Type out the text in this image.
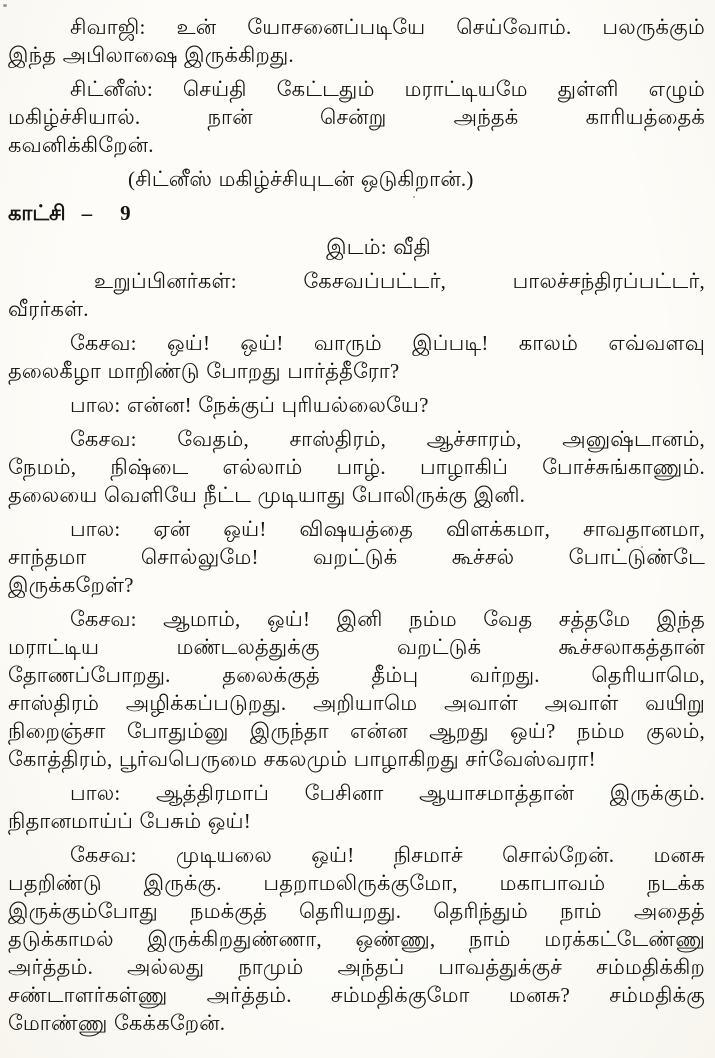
சிவாஜி: உன் யோசனைப்படியே செய்வோம். பலருக்கும்
இந்த அபிலாஷை இருக்கிறது.
சிட்னீஸ்: செய்தி கேட்டதும் மராட்டியமே துள்ளி எழும்
மகிழ்ச்சியால். நான் சென்று அந்தக் காரியத்தைக்
கவனிக்கிறேன்.
(சிட்னீஸ் மகிழ்ச்சியுடன் ஒடுகிறான்.)
காட்சி – 9
இடம்: வீதி
உறுப்பினர்கள்: கேசவப்பட்டர், பாலச்சந்திரப்பட்டர்,
வீரர்கள்.
கேசவ: ஒய்! ஒய்! வாரும் இப்படி! காலம் எவ்வளவு
தலைகீழா மாறிண்டு போறது பார்த்தீரோ?
பால: என்ன! நேக்குப் புரியல்லையே?
கேசவ: வேதம், சாஸ்திரம், ஆச்சாரம், அனுஷ்டானம்,
நேமம், நிஷ்டை எல்லாம் பாழ். பாழாகிப் போச்சுங்காணும்.
தலையை வெளியே நீட்ட முடியாது போலிருக்கு இனி.
பால: ஏன் ஒய்! விஷயத்தை விளக்கமா, சாவதானமா,
சாந்தமா சொல்லுமே! வறட்டுக் கூச்சல் போட்டுண்டே
இருக்கறேள்?
கேசவ: ஆமாம், ஒய்! இனி நம்ம வேத சத்தமே இந்த
மராட்டிய மண்டலத்துக்கு வறட்டுக் கூச்சலாகத்தான்
தோணப்போறது. தலைக்குத் தீம்பு வர்றது. தெரியாமெ,
சாஸ்திரம் அழிக்கப்படுறது. அறியாமெ அவாள் அவாள் வயிறு
நிறைஞ்சா போதும்னு இருந்தா என்ன ஆறது ஒய்? நம்ம குலம்,
கோத்திரம், பூர்வபெருமை சகலமும் பாழாகிறது சர்வேஸ்வரா!
பால: ஆத்திரமாப் பேசினா ஆயாசமாத்தான் இருக்கும்.
நிதானமாய்ப் பேசும் ஒய்!
கேசவ: முடியலை ஒய்! நிசமாச் சொல்றேன். மனசு
பதறிண்டு இருக்கு. பதறாமலிருக்குமோ, மகாபாவம் நடக்க
இருக்கும்போது நமக்குத் தெரியறது. தெரிந்தும் நாம் அதைத்
தடுக்காமல் இருக்கிறதுண்ணா, ஒண்ணு, நாம் மரக்கட்டேண்ணு
அர்த்தம். அல்லது நாமும் அந்தப் பாவத்துக்குச் சம்மதிக்கிற
சண்டாளர்கள்ணு அர்த்தம். சம்மதிக்குமோ மனசு? சம்மதிக்கு
மோண்ணு கேக்கறேன்.
